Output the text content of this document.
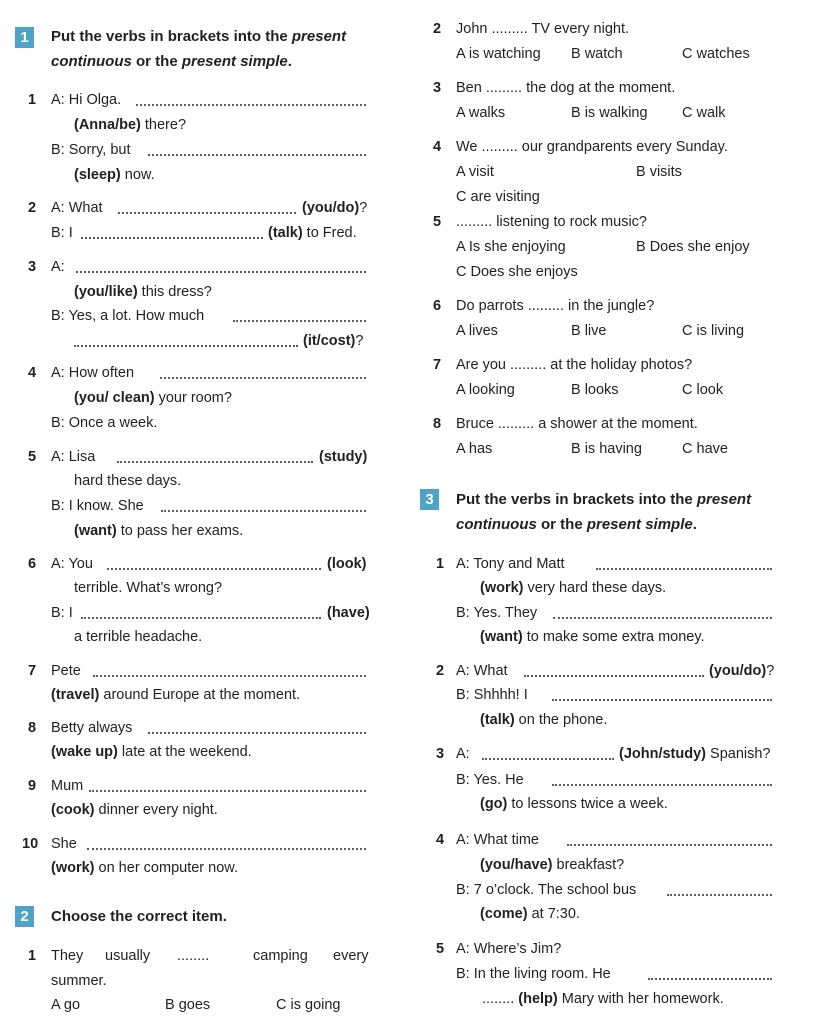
1	Put the verbs in brackets into the present
continuous or the present simple.
1 A: Hi Olga.
(Anna/be) there?
B: Sorry, but
(sleep) now.
2 A: What	(you/do)?
B: I	(talk) to Fred.
3 A:
(you/like) this dress?
B: Yes, a lot. How much
(it/cost)?
4 A: How often
(you/ clean) your room?
B: Once a week.
5 A: Lisa	(study)
hard these days.
B: I know. She
(want) to pass her exams.
6 A: You	(look)
terrible. What’s wrong?
B: I	(have)
a terrible headache.
7 Pete
(travel) around Europe at the moment.
8 Betty always
(wake up) late at the weekend.
9 Mum
(cook) dinner every night.
10 She
(work) on her computer now.
2	Choose the correct item.
1 They usually ........	camping every
summer.
A go	B goes	C is going
2 John ......... TV every night.
A is watching B watch	C watches
3 Ben ......... the dog at the moment.
A walks	B is walking C walk
4 We ......... our grandparents every Sunday.
A visit	B visits
C are visiting
5 ......... listening to rock music?
A Is she enjoying	B Does she enjoy
C Does she enjoys
6 Do parrots ......... in the jungle?
A lives	B live	C is living
7 Are you ......... at the holiday photos?
A looking	B looks	C look
8 Bruce ......... a shower at the moment.
A has	B is having	C have
3	Put the verbs in brackets into the present
continuous or the present simple.
1 A: Tony and Matt
(work) very hard these days.
B: Yes. They
(want) to make some extra money.
2 A: What	(you/do)?
B: Shhhh! I
(talk) on the phone.
3 A:	(John/study) Spanish?
B: Yes. He
(go) to lessons twice a week.
4 A: What time
(you/have) breakfast?
B: 7 o’clock. The school bus
(come) at 7:30.
5 A: Where’s Jim?
B: In the living room. He
........ (help) Mary with her homework.
